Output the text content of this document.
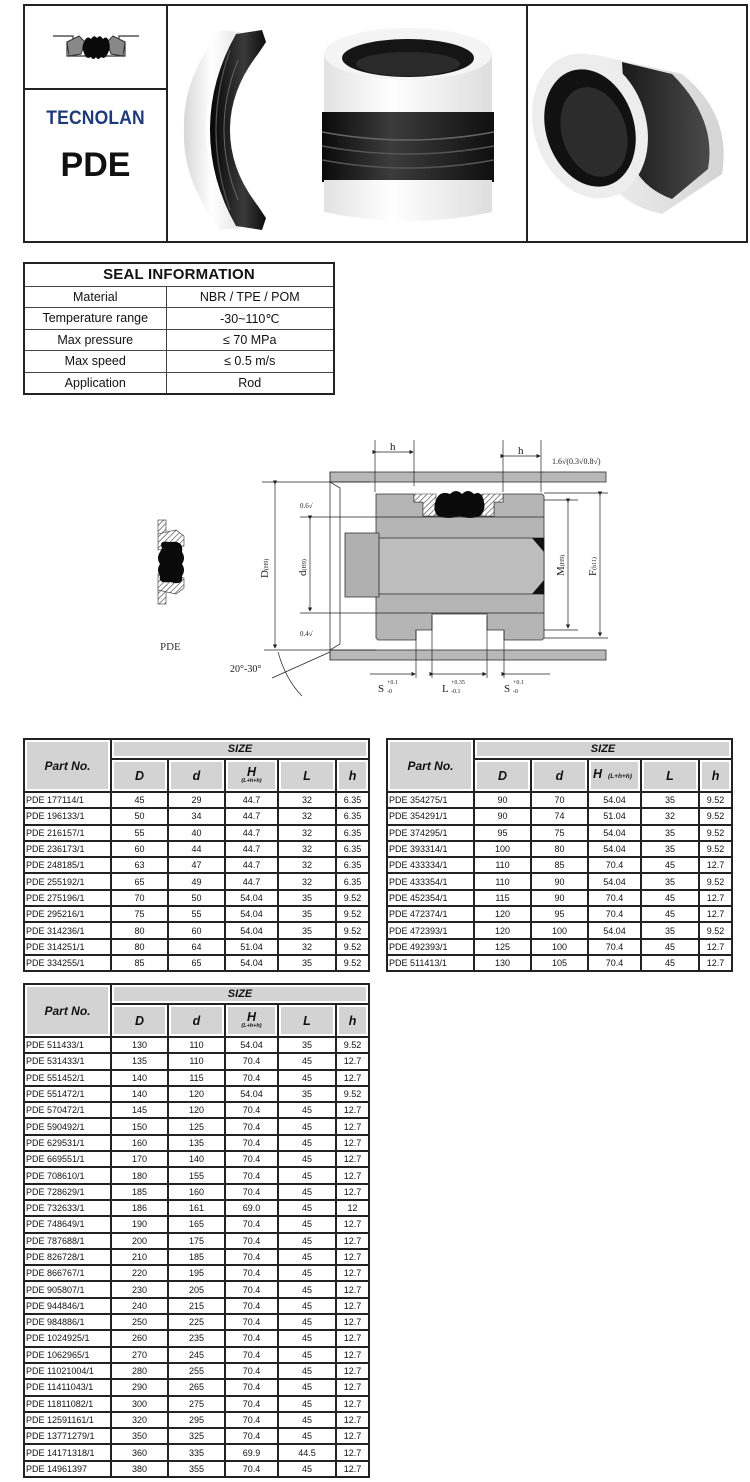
TECNOLAN
PDE
SEAL INFORMATION	
Material	NBR / TPE / POM
Temperature range	-30~110℃
Max pressure	≤ 70 MPa
Max speed	≤ 0.5 m/s
Application	Rod
PDE
h	h
1.6√(0.3√0.8√)
0.6√
0.4√
D(H9)
d(H9)
M(H9)
F(h11)
20°-30°
S +0.1
-0	L +0.35
-0.1	S +0.1
-0
Part No.	SIZE				
	D	d	H
(L+h+h)	L	h
PDE 177114/1	45	29	44.7	32	6.35
PDE 196133/1	50	34	44.7	32	6.35
PDE 216157/1	55	40	44.7	32	6.35
PDE 236173/1	60	44	44.7	32	6.35
PDE 248185/1	63	47	44.7	32	6.35
PDE 255192/1	65	49	44.7	32	6.35
PDE 275196/1	70	50	54.04	35	9.52
PDE 295216/1	75	55	54.04	35	9.52
PDE 314236/1	80	60	54.04	35	9.52
PDE 314251/1	80	64	51.04	32	9.52
PDE 334255/1	85	65	54.04	35	9.52
Part No.	SIZE				
	D	d	H (L+h+h)	L	h
PDE 354275/1	90	70	54.04	35	9.52
PDE 354291/1	90	74	51.04	32	9.52
PDE 374295/1	95	75	54.04	35	9.52
PDE 393314/1	100	80	54.04	35	9.52
PDE 433334/1	110	85	70.4	45	12.7
PDE 433354/1	110	90	54.04	35	9.52
PDE 452354/1	115	90	70.4	45	12.7
PDE 472374/1	120	95	70.4	45	12.7
PDE 472393/1	120	100	54.04	35	9.52
PDE 492393/1	125	100	70.4	45	12.7
PDE 511413/1	130	105	70.4	45	12.7
Part No.	SIZE				
	D	d	H
(L+h+h)	L	h
PDE 511433/1	130	110	54.04	35	9.52
PDE 531433/1	135	110	70.4	45	12.7
PDE 551452/1	140	115	70.4	45	12.7
PDE 551472/1	140	120	54.04	35	9.52
PDE 570472/1	145	120	70.4	45	12.7
PDE 590492/1	150	125	70.4	45	12.7
PDE 629531/1	160	135	70.4	45	12.7
PDE 669551/1	170	140	70.4	45	12.7
PDE 708610/1	180	155	70.4	45	12.7
PDE 728629/1	185	160	70.4	45	12.7
PDE 732633/1	186	161	69.0	45	12
PDE 748649/1	190	165	70.4	45	12.7
PDE 787688/1	200	175	70.4	45	12.7
PDE 826728/1	210	185	70.4	45	12.7
PDE 866767/1	220	195	70.4	45	12.7
PDE 905807/1	230	205	70.4	45	12.7
PDE 944846/1	240	215	70.4	45	12.7
PDE 984886/1	250	225	70.4	45	12.7
PDE 1024925/1	260	235	70.4	45	12.7
PDE 1062965/1	270	245	70.4	45	12.7
PDE 11021004/1	280	255	70.4	45	12.7
PDE 11411043/1	290	265	70.4	45	12.7
PDE 11811082/1	300	275	70.4	45	12.7
PDE 12591161/1	320	295	70.4	45	12.7
PDE 13771279/1	350	325	70.4	45	12.7
PDE 14171318/1	360	335	69.9	44.5	12.7
PDE 14961397	380	355	70.4	45	12.7
